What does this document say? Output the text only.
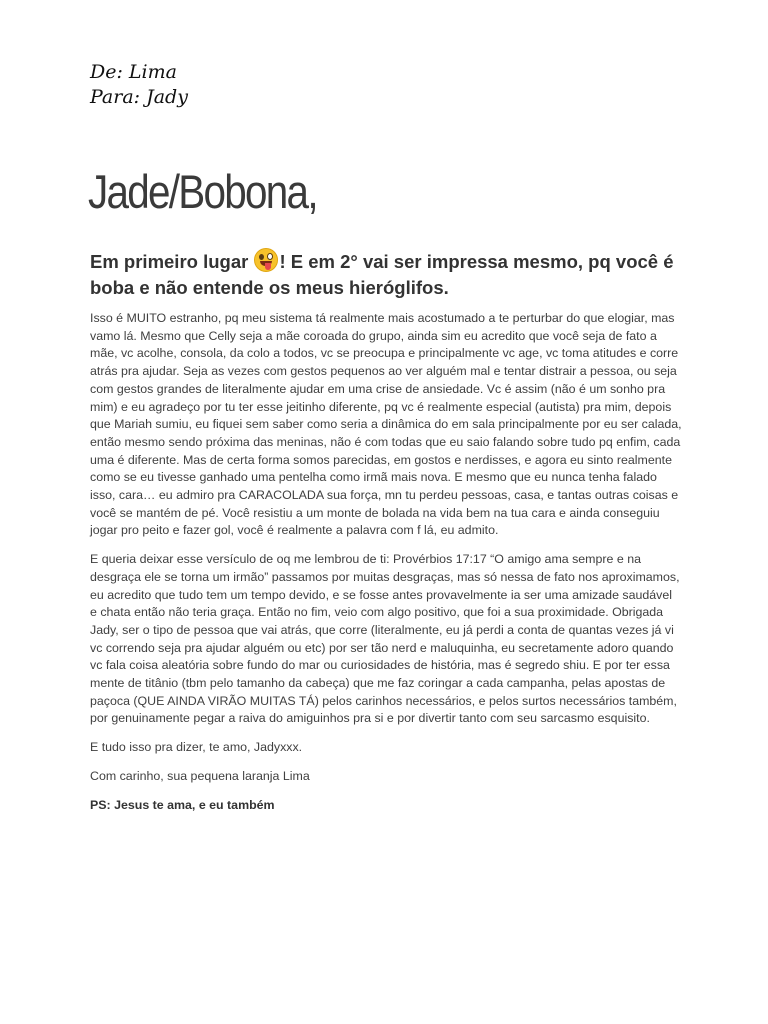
De: Lima
Para: Jady
Jade/Bobona,
Em primeiro lugar
! E em 2° vai ser impressa mesmo, pq você é boba e não entende os meus hieróglifos.

Isso é MUITO estranho, pq meu sistema tá realmente mais acostumado a te perturbar do que elogiar, mas vamo lá. Mesmo que Celly seja a mãe coroada do grupo, ainda sim eu acredito que você seja de fato a mãe, vc acolhe, consola, da colo a todos, vc se preocupa e principalmente vc age, vc toma atitudes e corre atrás pra ajudar. Seja as vezes com gestos pequenos ao ver alguém mal e tentar distrair a pessoa, ou seja com gestos grandes de literalmente ajudar em uma crise de ansiedade. Vc é assim (não é um sonho pra mim) e eu agradeço por tu ter esse jeitinho diferente, pq vc é realmente especial (autista) pra mim, depois que Mariah sumiu, eu fiquei sem saber como seria a dinâmica do em sala principalmente por eu ser calada, então mesmo sendo próxima das meninas, não é com todas que eu saio falando sobre tudo pq enfim, cada uma é diferente. Mas de certa forma somos parecidas, em gostos e nerdisses, e agora eu sinto realmente como se eu tivesse ganhado uma pentelha como irmã mais nova. E mesmo que eu nunca tenha falado isso, cara… eu admiro pra CARACOLADA sua força, mn tu perdeu pessoas, casa, e tantas outras coisas e você se mantém de pé. Você resistiu a um monte de bolada na vida bem na tua cara e ainda conseguiu jogar pro peito e fazer gol, você é realmente a palavra com f lá, eu admito.

E queria deixar esse versículo de oq me lembrou de ti: Provérbios 17:17 “O amigo ama sempre e na desgraça ele se torna um irmão” passamos por muitas desgraças, mas só nessa de fato nos aproximamos, eu acredito que tudo tem um tempo devido, e se fosse antes provavelmente ia ser uma amizade saudável e chata então não teria graça. Então no fim, veio com algo positivo, que foi a sua proximidade. Obrigada Jady, ser o tipo de pessoa que vai atrás, que corre (literalmente, eu já perdi a conta de quantas vezes já vi vc correndo seja pra ajudar alguém ou etc) por ser tão nerd e maluquinha, eu secretamente adoro quando vc fala coisa aleatória sobre fundo do mar ou curiosidades de história, mas é segredo shiu. E por ter essa mente de titânio (tbm pelo tamanho da cabeça) que me faz coringar a cada campanha, pelas apostas de paçoca (QUE AINDA VIRÃO MUITAS TÁ) pelos carinhos necessários, e pelos surtos necessários também, por genuinamente pegar a raiva do amiguinhos pra si e por divertir tanto com seu sarcasmo esquisito.

E tudo isso pra dizer, te amo, Jadyxxx.

Com carinho, sua pequena laranja Lima

PS: Jesus te ama, e eu também
